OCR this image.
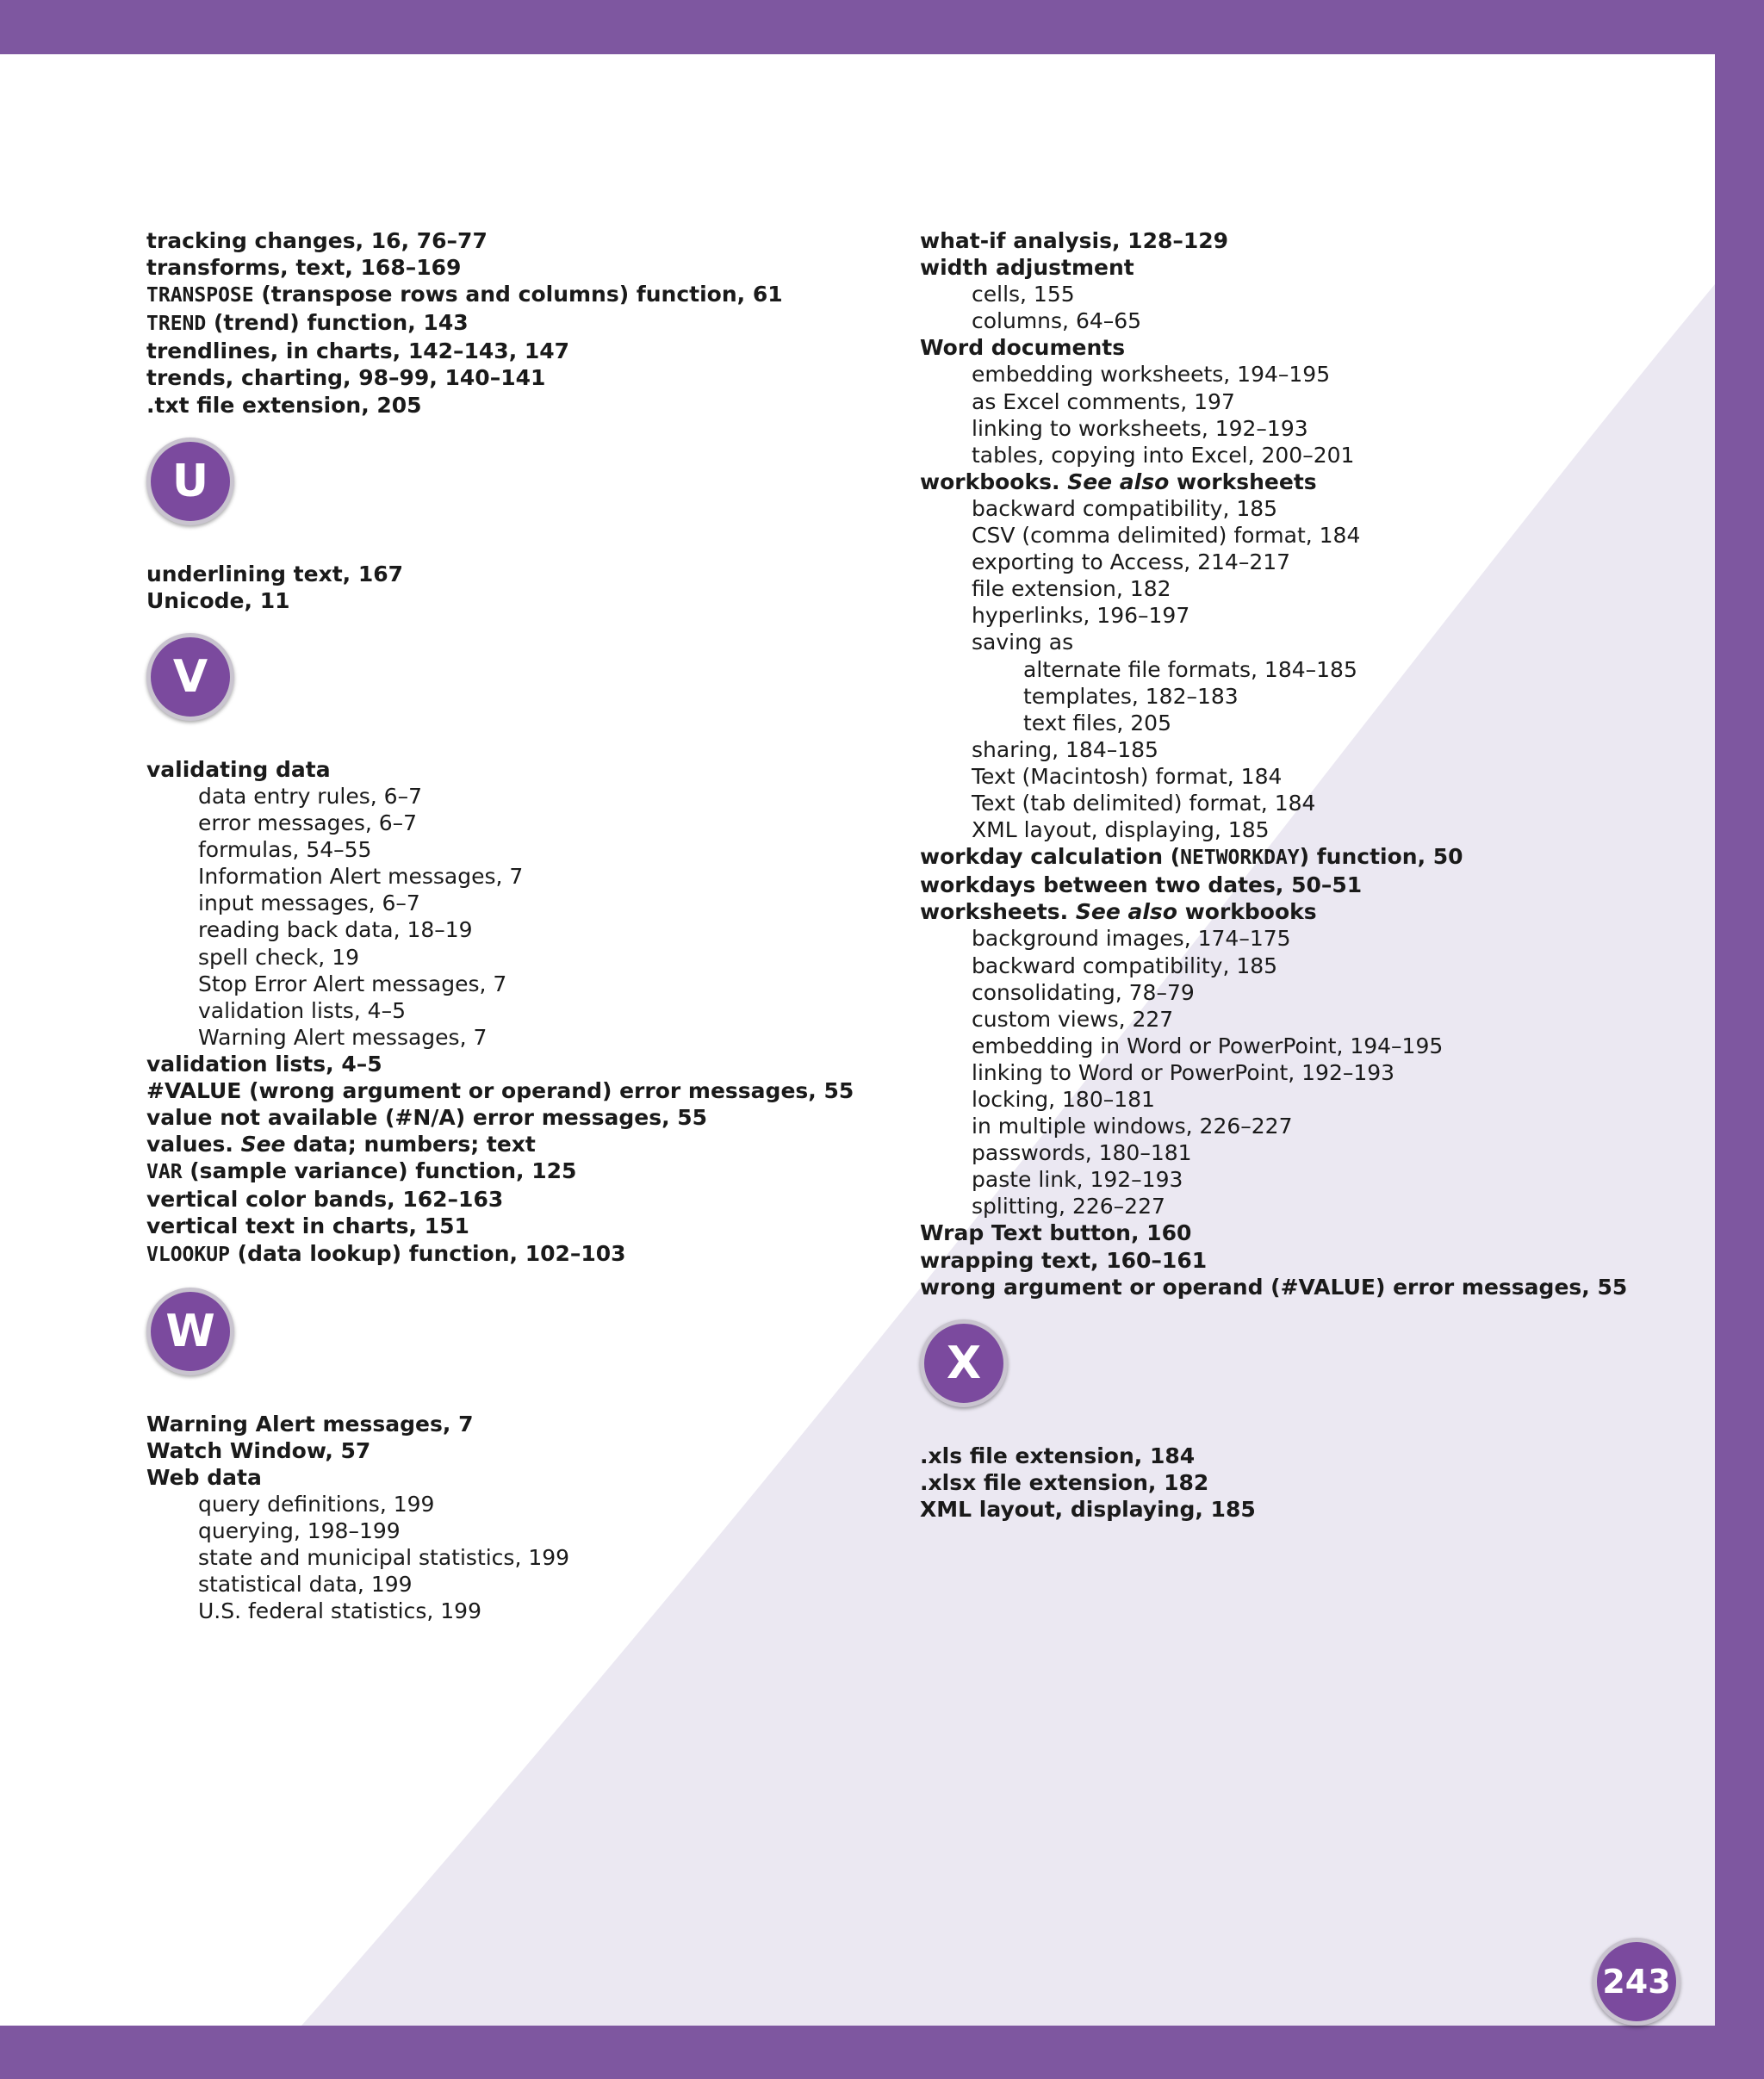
tracking changes, 16, 76–77
transforms, text, 168–169
TRANSPOSE (transpose rows and columns) function, 61
TREND (trend) function, 143
trendlines, in charts, 142–143, 147
trends, charting, 98–99, 140–141
.txt file extension, 205
U
underlining text, 167
Unicode, 11
V
validating data
data entry rules, 6–7
error messages, 6–7
formulas, 54–55
Information Alert messages, 7
input messages, 6–7
reading back data, 18–19
spell check, 19
Stop Error Alert messages, 7
validation lists, 4–5
Warning Alert messages, 7
validation lists, 4–5
#VALUE (wrong argument or operand) error messages, 55
value not available (#N/A) error messages, 55
values. See data; numbers; text
VAR (sample variance) function, 125
vertical color bands, 162–163
vertical text in charts, 151
VLOOKUP (data lookup) function, 102–103
W
Warning Alert messages, 7
Watch Window, 57
Web data
query definitions, 199
querying, 198–199
state and municipal statistics, 199
statistical data, 199
U.S. federal statistics, 199
what-if analysis, 128–129
width adjustment
cells, 155
columns, 64–65
Word documents
embedding worksheets, 194–195
as Excel comments, 197
linking to worksheets, 192–193
tables, copying into Excel, 200–201
workbooks. See also worksheets
backward compatibility, 185
CSV (comma delimited) format, 184
exporting to Access, 214–217
file extension, 182
hyperlinks, 196–197
saving as
alternate file formats, 184–185
templates, 182–183
text files, 205
sharing, 184–185
Text (Macintosh) format, 184
Text (tab delimited) format, 184
XML layout, displaying, 185
workday calculation (NETWORKDAY) function, 50
workdays between two dates, 50–51
worksheets. See also workbooks
background images, 174–175
backward compatibility, 185
consolidating, 78–79
custom views, 227
embedding in Word or PowerPoint, 194–195
linking to Word or PowerPoint, 192–193
locking, 180–181
in multiple windows, 226–227
passwords, 180–181
paste link, 192–193
splitting, 226–227
Wrap Text button, 160
wrapping text, 160–161
wrong argument or operand (#VALUE) error messages, 55
X
.xls file extension, 184
.xlsx file extension, 182
XML layout, displaying, 185
243
